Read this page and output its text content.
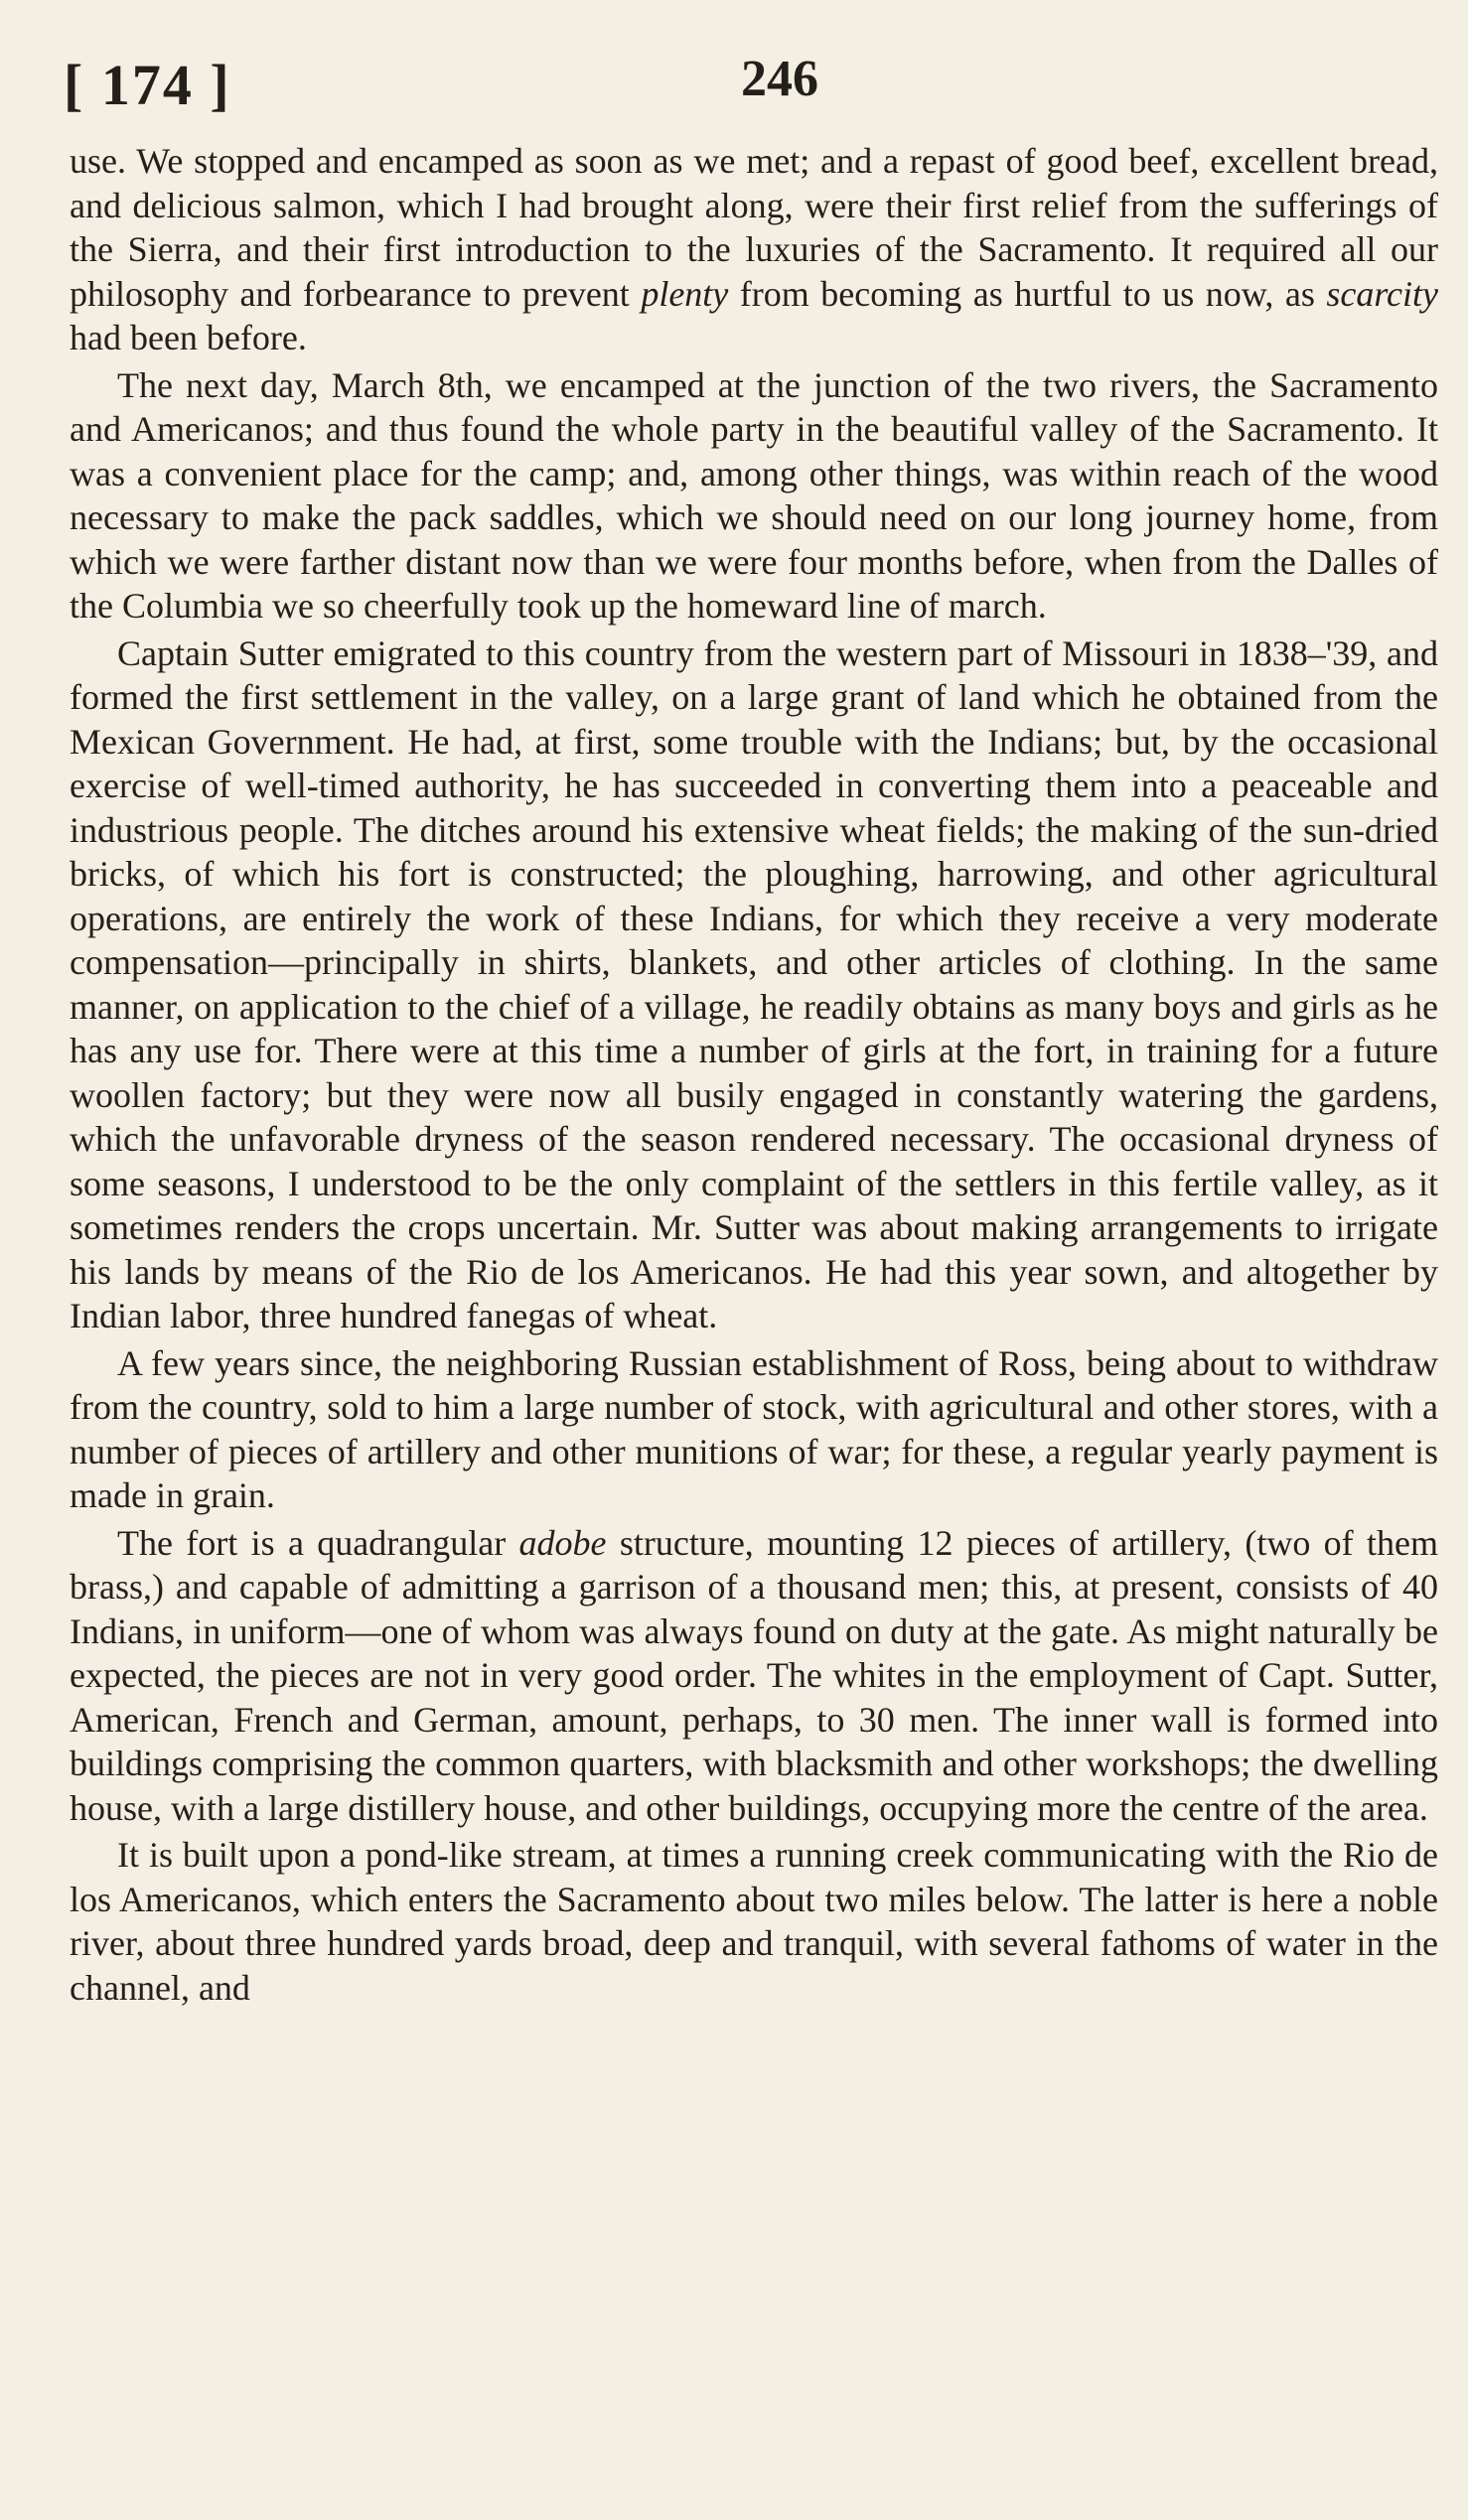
[ 174 ]	246

use. We stopped and encamped as soon as we met; and a repast of good beef, excellent bread, and delicious salmon, which I had brought along, were their first relief from the sufferings of the Sierra, and their first introduction to the luxuries of the Sacramento. It required all our philosophy and forbearance to prevent plenty from becoming as hurtful to us now, as scarcity had been before.

The next day, March 8th, we encamped at the junction of the two rivers, the Sacramento and Americanos; and thus found the whole party in the beautiful valley of the Sacramento. It was a convenient place for the camp; and, among other things, was within reach of the wood necessary to make the pack saddles, which we should need on our long journey home, from which we were farther distant now than we were four months before, when from the Dalles of the Columbia we so cheerfully took up the homeward line of march.

Captain Sutter emigrated to this country from the western part of Missouri in 1838–'39, and formed the first settlement in the valley, on a large grant of land which he obtained from the Mexican Government. He had, at first, some trouble with the Indians; but, by the occasional exercise of well-timed authority, he has succeeded in converting them into a peaceable and industrious people. The ditches around his extensive wheat fields; the making of the sun-dried bricks, of which his fort is constructed; the ploughing, harrowing, and other agricultural operations, are entirely the work of these Indians, for which they receive a very moderate compensation—principally in shirts, blankets, and other articles of clothing. In the same manner, on application to the chief of a village, he readily obtains as many boys and girls as he has any use for. There were at this time a number of girls at the fort, in training for a future woollen factory; but they were now all busily engaged in constantly watering the gardens, which the unfavorable dryness of the season rendered necessary. The occasional dryness of some seasons, I understood to be the only complaint of the settlers in this fertile valley, as it sometimes renders the crops uncertain. Mr. Sutter was about making arrangements to irrigate his lands by means of the Rio de los Americanos. He had this year sown, and altogether by Indian labor, three hundred fanegas of wheat.

A few years since, the neighboring Russian establishment of Ross, being about to withdraw from the country, sold to him a large number of stock, with agricultural and other stores, with a number of pieces of artillery and other munitions of war; for these, a regular yearly payment is made in grain.

The fort is a quadrangular adobe structure, mounting 12 pieces of artillery, (two of them brass,) and capable of admitting a garrison of a thousand men; this, at present, consists of 40 Indians, in uniform—one of whom was always found on duty at the gate. As might naturally be expected, the pieces are not in very good order. The whites in the employment of Capt. Sutter, American, French and German, amount, perhaps, to 30 men. The inner wall is formed into buildings comprising the common quarters, with blacksmith and other workshops; the dwelling house, with a large distillery house, and other buildings, occupying more the centre of the area.

It is built upon a pond-like stream, at times a running creek communicating with the Rio de los Americanos, which enters the Sacramento about two miles below. The latter is here a noble river, about three hundred yards broad, deep and tranquil, with several fathoms of water in the channel, and
